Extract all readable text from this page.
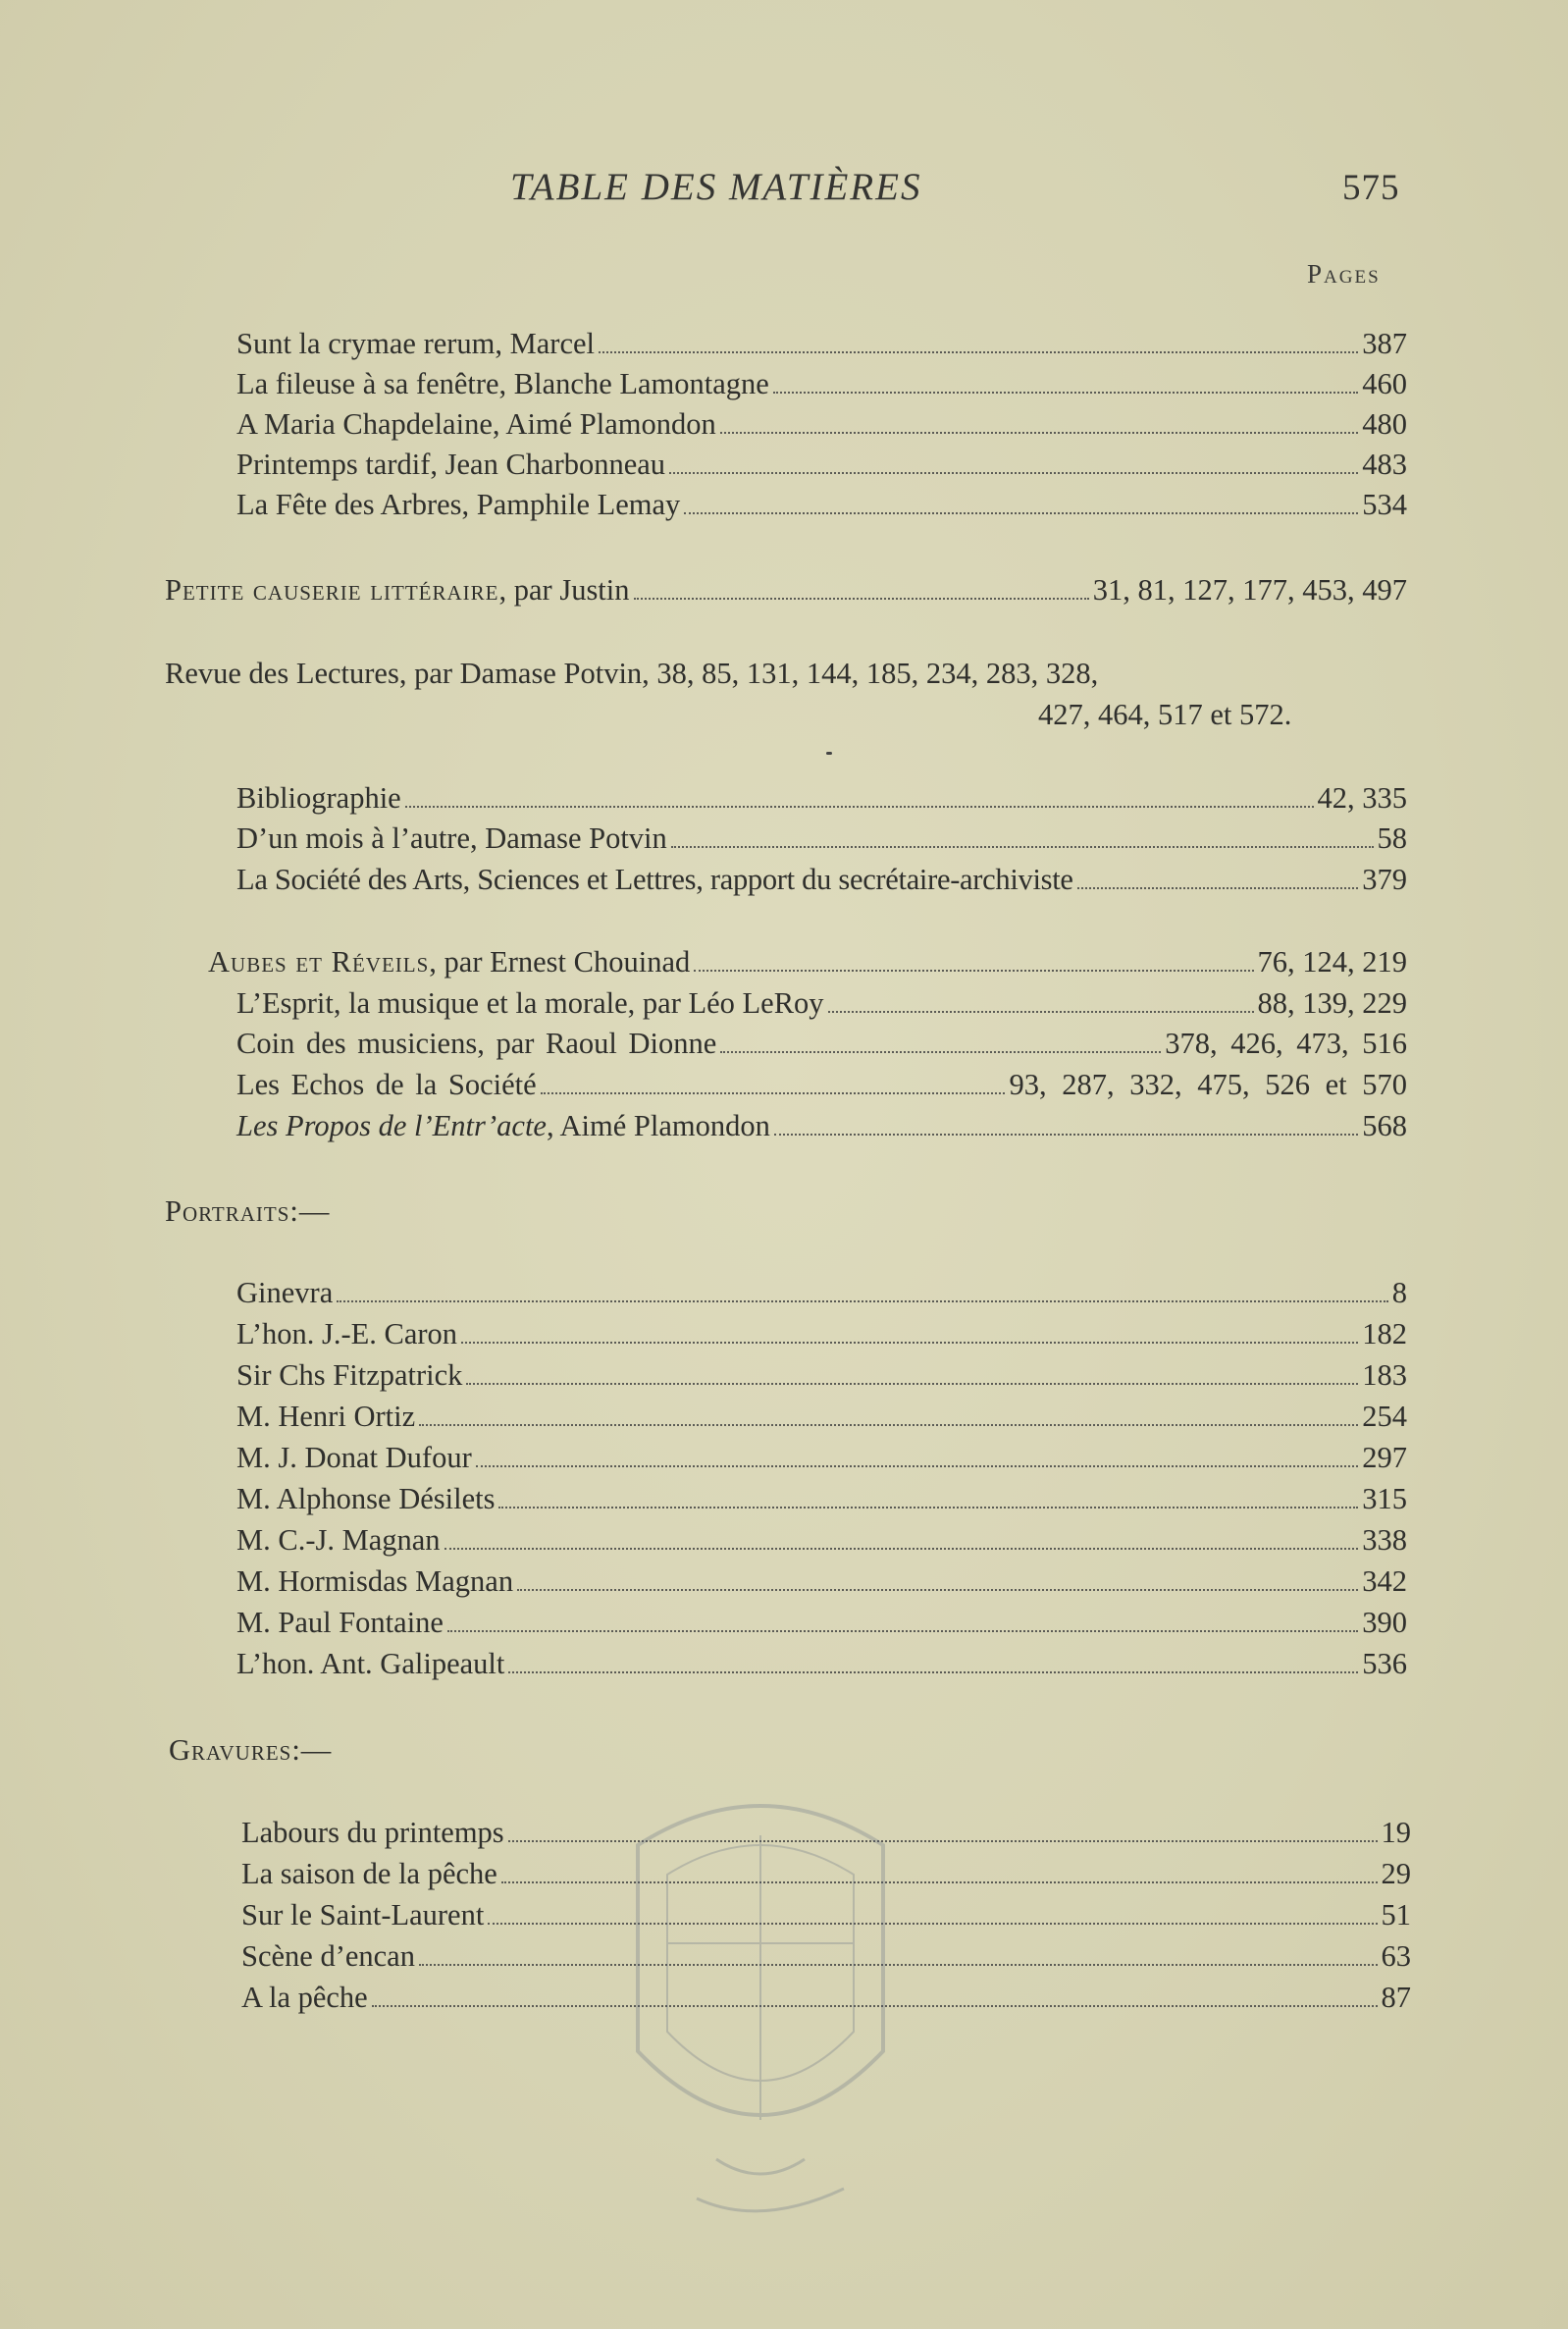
TABLE DES MATIÈRES	575
Pages
Sunt la crymae rerum, Marcel	387
La fileuse à sa fenêtre, Blanche Lamontagne	460
A Maria Chapdelaine, Aimé Plamondon	480
Printemps tardif, Jean Charbonneau	483
La Fête des Arbres, Pamphile Lemay	534
Petite causerie littéraire, par Justin	31, 81, 127, 177, 453, 497
Revue des Lectures, par Damase Potvin, 38, 85, 131, 144, 185, 234, 283, 328,
427, 464, 517 et 572.
Bibliographie	42, 335
D’un mois à l’autre, Damase Potvin	58
La Société des Arts, Sciences et Lettres, rapport du secrétaire-archiviste	379
Aubes et Réveils, par Ernest Chouinad	76, 124, 219
L’Esprit, la musique et la morale, par Léo LeRoy	88, 139, 229
Coin des musiciens, par Raoul Dionne	378, 426, 473, 516
Les Echos de la Société	93, 287, 332, 475, 526 et 570
Les Propos de l’Entr’acte, Aimé Plamondon	568
Portraits:—
Ginevra	8
L’hon. J.-E. Caron	182
Sir Chs Fitzpatrick	183
M. Henri Ortiz	254
M. J. Donat Dufour	297
M. Alphonse Désilets	315
M. C.-J. Magnan	338
M. Hormisdas Magnan	342
M. Paul Fontaine	390
L’hon. Ant. Galipeault	536
Gravures:—
Labours du printemps	19
La saison de la pêche	29
Sur le Saint-Laurent	51
Scène d’encan	63
A la pêche	87
